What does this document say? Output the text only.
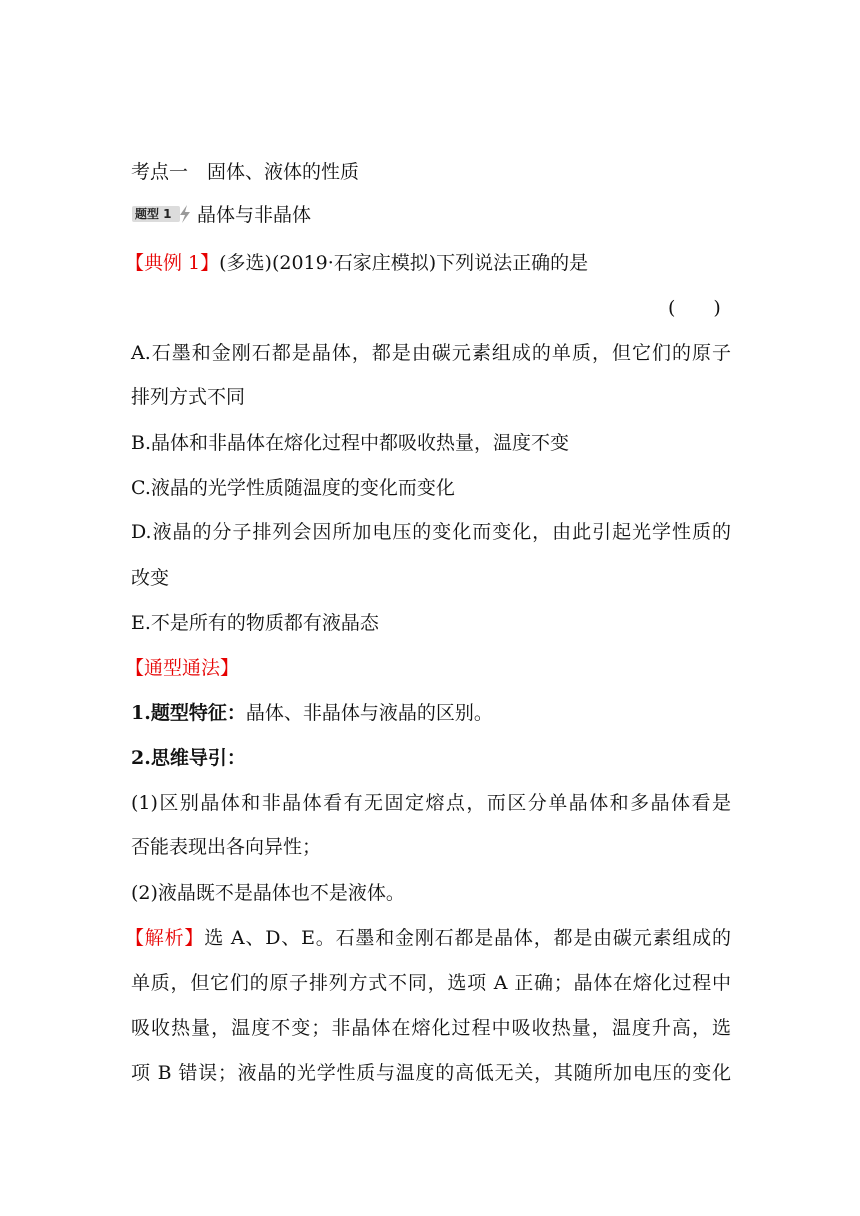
考点一　固体、液体的性质
题型 1 晶体与非晶体
【典例 1】(多选)(2019·石家庄模拟)下列说法正确的是
(　　)
A.石墨和金刚石都是晶体，都是由碳元素组成的单质，但它们的原子
排列方式不同
B.晶体和非晶体在熔化过程中都吸收热量，温度不变
C.液晶的光学性质随温度的变化而变化
D.液晶的分子排列会因所加电压的变化而变化，由此引起光学性质的
改变
E.不是所有的物质都有液晶态
【通型通法】
1.题型特征：晶体、非晶体与液晶的区别。
2.思维导引：
(1)区别晶体和非晶体看有无固定熔点，而区分单晶体和多晶体看是
否能表现出各向异性；
(2)液晶既不是晶体也不是液体。
【解析】选 A、D、E。石墨和金刚石都是晶体，都是由碳元素组成的
单质，但它们的原子排列方式不同，选项 A 正确；晶体在熔化过程中
吸收热量，温度不变；非晶体在熔化过程中吸收热量，温度升高，选
项 B 错误；液晶的光学性质与温度的高低无关，其随所加电压的变化
